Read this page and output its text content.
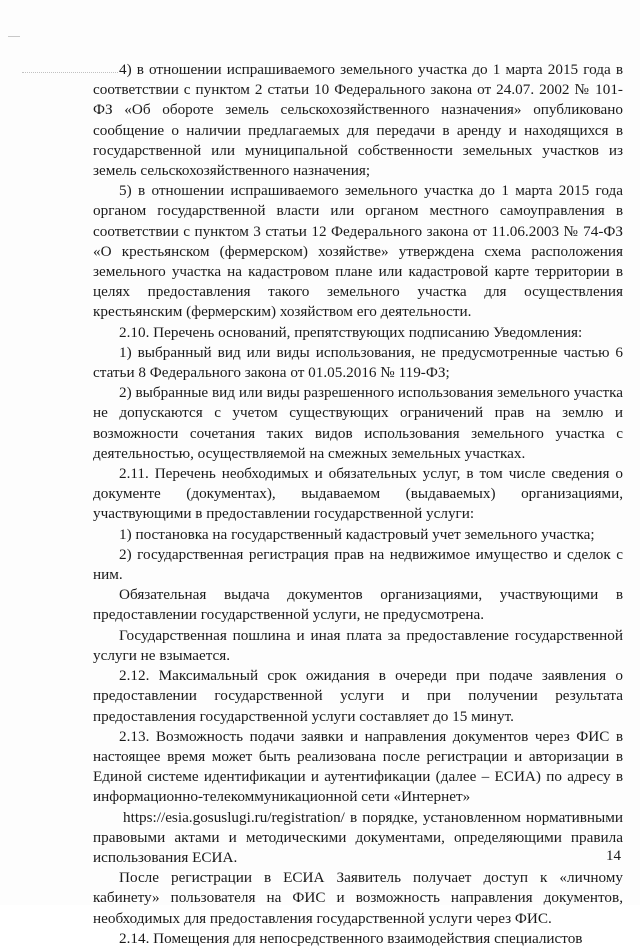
4) в отношении испрашиваемого земельного участка до 1 марта 2015 года в соответствии с пунктом 2 статьи 10 Федерального закона от 24.07. 2002 № 101-ФЗ «Об обороте земель сельскохозяйственного назначения» опубликовано сообщение о наличии предлагаемых для передачи в аренду и находящихся в государственной или муниципальной собственности земельных участков из земель сельскохозяйственного назначения;

5) в отношении испрашиваемого земельного участка до 1 марта 2015 года органом государственной власти или органом местного самоуправления в соответствии с пунктом 3 статьи 12 Федерального закона от 11.06.2003 № 74-ФЗ «О крестьянском (фермерском) хозяйстве» утверждена схема расположения земельного участка на кадастровом плане или кадастровой карте территории в целях предоставления такого земельного участка для осуществления крестьянским (фермерским) хозяйством его деятельности.

2.10. Перечень оснований, препятствующих подписанию Уведомления:

1) выбранный вид или виды использования, не предусмотренные частью 6 статьи 8 Федерального закона от 01.05.2016 № 119-ФЗ;

2) выбранные вид или виды разрешенного использования земельного участка не допускаются с учетом существующих ограничений прав на землю и возможности сочетания таких видов использования земельного участка с деятельностью, осуществляемой на смежных земельных участках.

2.11. Перечень необходимых и обязательных услуг, в том числе сведения о документе (документах), выдаваемом (выдаваемых) организациями, участвующими в предоставлении государственной услуги:

1) постановка на государственный кадастровый учет земельного участка;

2) государственная регистрация прав на недвижимое имущество и сделок с ним.

Обязательная выдача документов организациями, участвующими в предоставлении государственной услуги, не предусмотрена.

Государственная пошлина и иная плата за предоставление государственной услуги не взымается.

2.12. Максимальный срок ожидания в очереди при подаче заявления о предоставлении государственной услуги и при получении результата предоставления государственной услуги составляет до 15 минут.

2.13. Возможность подачи заявки и направления документов через ФИС в настоящее время может быть реализована после регистрации и авторизации в Единой системе идентификации и аутентификации (далее – ЕСИА) по адресу в информационно-телекоммуникационной сети «Интернет»

https://esia.gosuslugi.ru/registration/ в порядке, установленном нормативными правовыми актами и методическими документами, определяющими правила использования ЕСИА.

После регистрации в ЕСИА Заявитель получает доступ к «личному кабинету» пользователя на ФИС и возможность направления документов, необходимых для предоставления государственной услуги через ФИС.

2.14. Помещения для непосредственного взаимодействия специалистов

14
